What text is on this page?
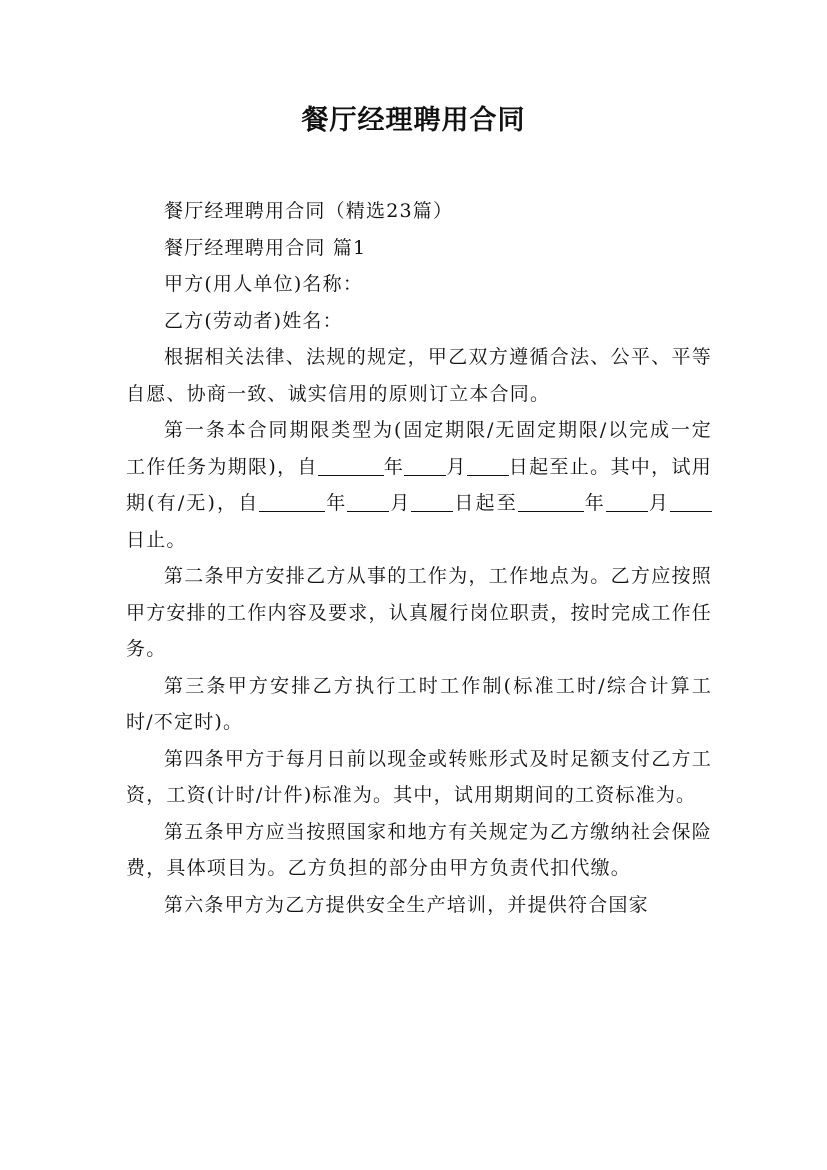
餐厅经理聘用合同

餐厅经理聘用合同（精选23篇）

餐厅经理聘用合同 篇1

甲方(用人单位)名称：

乙方(劳动者)姓名：

根据相关法律、法规的规定，甲乙双方遵循合法、公平、平等自愿、协商一致、诚实信用的原则订立本合同。

第一条本合同期限类型为(固定期限/无固定期限/以完成一定工作任务为期限)，自	年 月 日起至止。其中，试用期(有/无)，自	年 月 日起至	年 月日止。

第二条甲方安排乙方从事的工作为，工作地点为。乙方应按照甲方安排的工作内容及要求，认真履行岗位职责，按时完成工作任务。

第三条甲方安排乙方执行工时工作制(标准工时/综合计算工时/不定时)。

第四条甲方于每月日前以现金或转账形式及时足额支付乙方工资，工资(计时/计件)标准为。其中，试用期期间的工资标准为。

第五条甲方应当按照国家和地方有关规定为乙方缴纳社会保险费，具体项目为。乙方负担的部分由甲方负责代扣代缴。

第六条甲方为乙方提供安全生产培训，并提供符合国家
